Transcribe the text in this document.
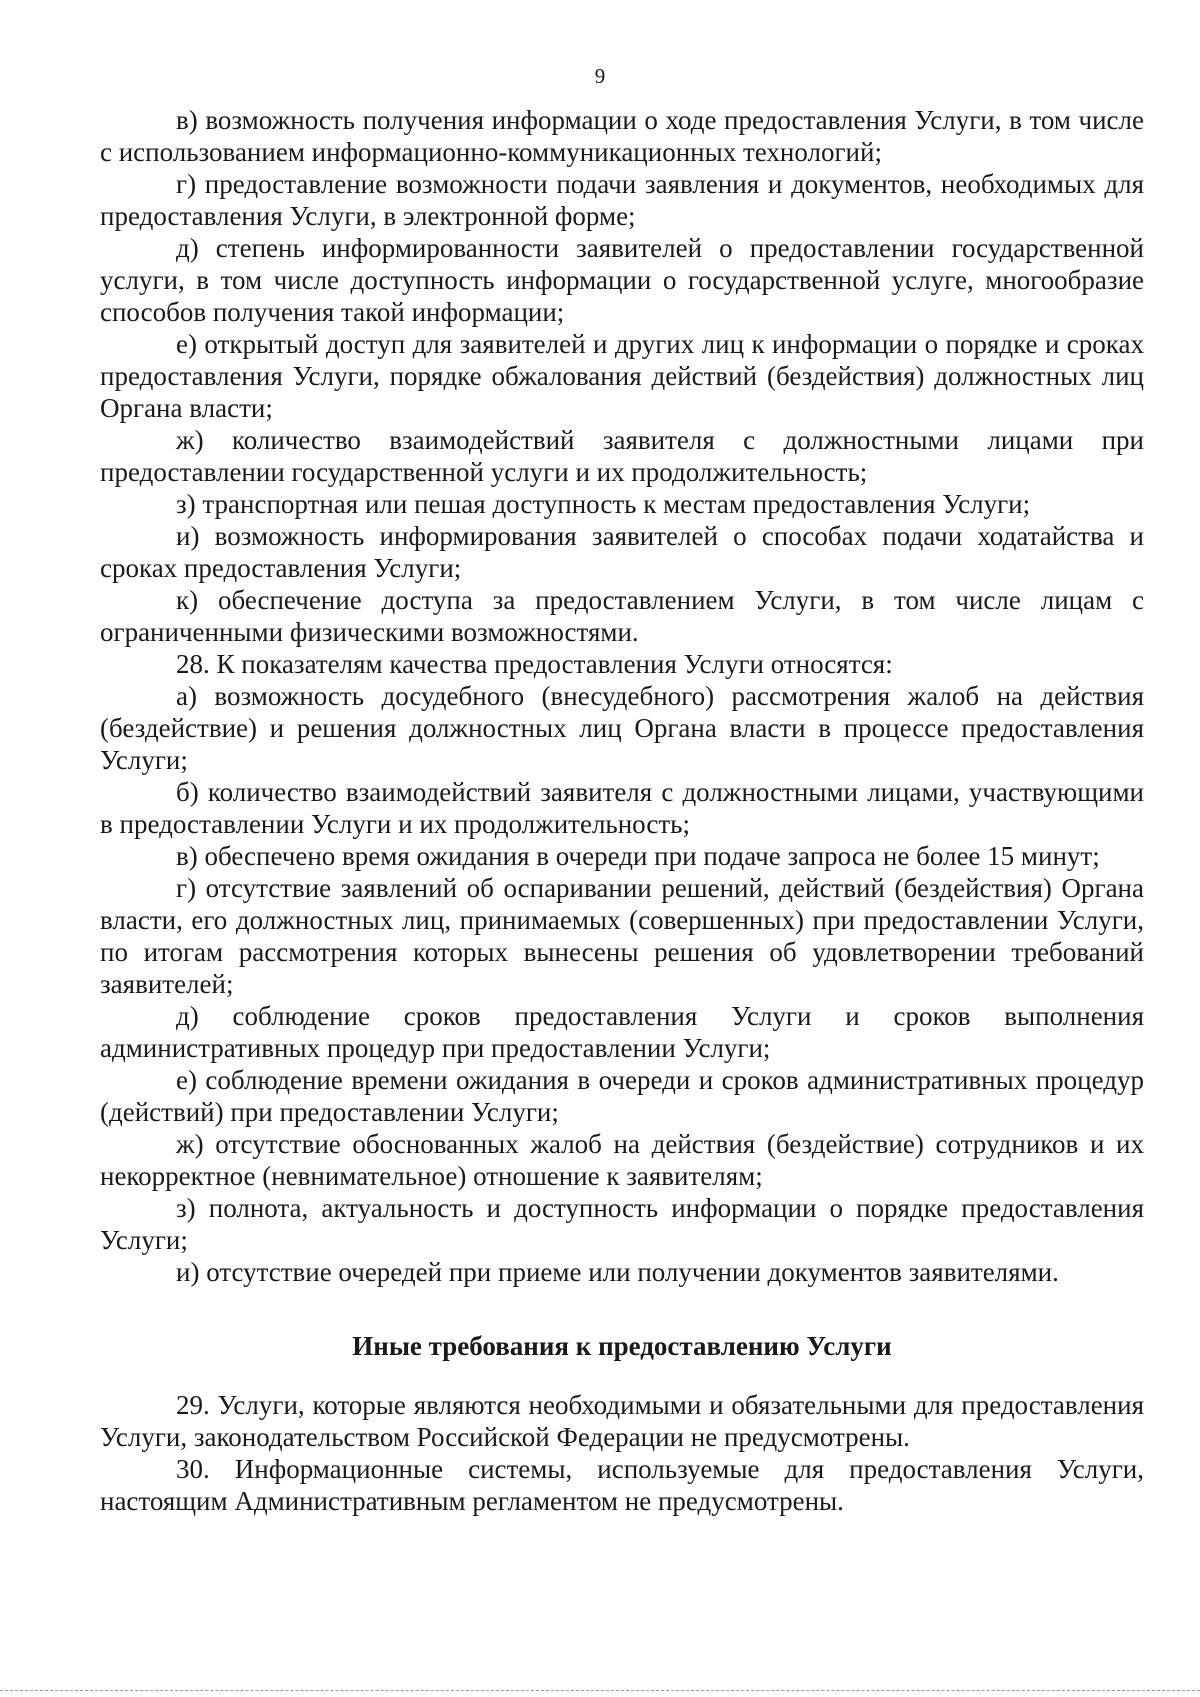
9

в) возможность получения информации о ходе предоставления Услуги, в том числе с использованием информационно-коммуникационных технологий;

г) предоставление возможности подачи заявления и документов, необходимых для предоставления Услуги, в электронной форме;

д) степень информированности заявителей о предоставлении государственной услуги, в том числе доступность информации о государственной услуге, многообразие способов получения такой информации;

е) открытый доступ для заявителей и других лиц к информации о порядке и сроках предоставления Услуги, порядке обжалования действий (бездействия) должностных лиц Органа власти;

ж) количество взаимодействий заявителя с должностными лицами при предоставлении государственной услуги и их продолжительность;

з) транспортная или пешая доступность к местам предоставления Услуги;

и) возможность информирования заявителей о способах подачи ходатайства и сроках предоставления Услуги;

к) обеспечение доступа за предоставлением Услуги, в том числе лицам с ограниченными физическими возможностями.

28. К показателям качества предоставления Услуги относятся:

а) возможность досудебного (внесудебного) рассмотрения жалоб на действия (бездействие) и решения должностных лиц Органа власти в процессе предоставления Услуги;

б) количество взаимодействий заявителя с должностными лицами, участвующими в предоставлении Услуги и их продолжительность;

в) обеспечено время ожидания в очереди при подаче запроса не более 15 минут;

г) отсутствие заявлений об оспаривании решений, действий (бездействия) Органа власти, его должностных лиц, принимаемых (совершенных) при предоставлении Услуги, по итогам рассмотрения которых вынесены решения об удовлетворении требований заявителей;

д) соблюдение сроков предоставления Услуги и сроков выполнения административных процедур при предоставлении Услуги;

е) соблюдение времени ожидания в очереди и сроков административных процедур (действий) при предоставлении Услуги;

ж) отсутствие обоснованных жалоб на действия (бездействие) сотрудников и их некорректное (невнимательное) отношение к заявителям;

з) полнота, актуальность и доступность информации о порядке предоставления Услуги;

и) отсутствие очередей при приеме или получении документов заявителями.

Иные требования к предоставлению Услуги

29. Услуги, которые являются необходимыми и обязательными для предоставления Услуги, законодательством Российской Федерации не предусмотрены.

30. Информационные системы, используемые для предоставления Услуги, настоящим Административным регламентом не предусмотрены.
